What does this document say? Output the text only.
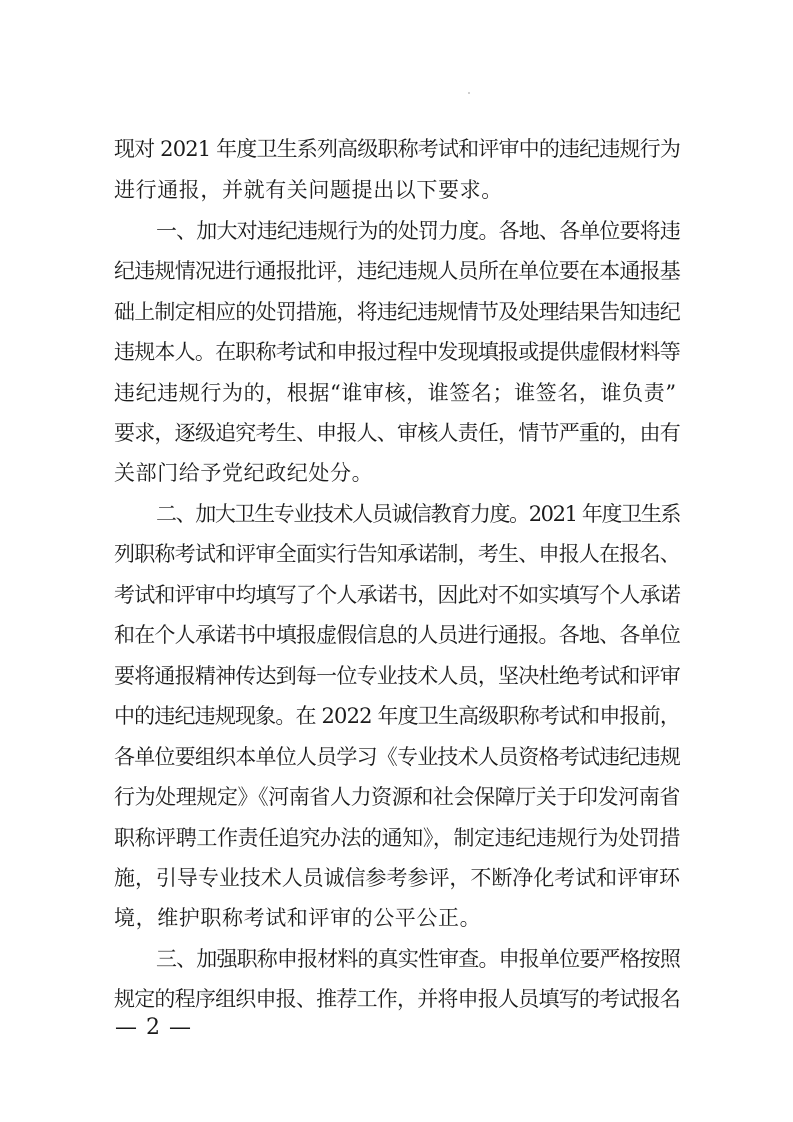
现对 2021 年度卫生系列高级职称考试和评审中的违纪违规行为
进行通报，并就有关问题提出以下要求。
一、加大对违纪违规行为的处罚力度。各地、各单位要将违
纪违规情况进行通报批评，违纪违规人员所在单位要在本通报基
础上制定相应的处罚措施，将违纪违规情节及处理结果告知违纪
违规本人。在职称考试和申报过程中发现填报或提供虚假材料等
违纪违规行为的，根据“谁审核，谁签名；谁签名，谁负责”
要求，逐级追究考生、申报人、审核人责任，情节严重的，由有
关部门给予党纪政纪处分。
二、加大卫生专业技术人员诚信教育力度。2021 年度卫生系
列职称考试和评审全面实行告知承诺制，考生、申报人在报名、
考试和评审中均填写了个人承诺书，因此对不如实填写个人承诺
和在个人承诺书中填报虚假信息的人员进行通报。各地、各单位
要将通报精神传达到每一位专业技术人员，坚决杜绝考试和评审
中的违纪违规现象。在 2022 年度卫生高级职称考试和申报前，
各单位要组织本单位人员学习《专业技术人员资格考试违纪违规
行为处理规定》《河南省人力资源和社会保障厅关于印发河南省
职称评聘工作责任追究办法的通知》，制定违纪违规行为处罚措
施，引导专业技术人员诚信参考参评，不断净化考试和评审环
境，维护职称考试和评审的公平公正。
三、加强职称申报材料的真实性审查。申报单位要严格按照
规定的程序组织申报、推荐工作，并将申报人员填写的考试报名
— 2 —
